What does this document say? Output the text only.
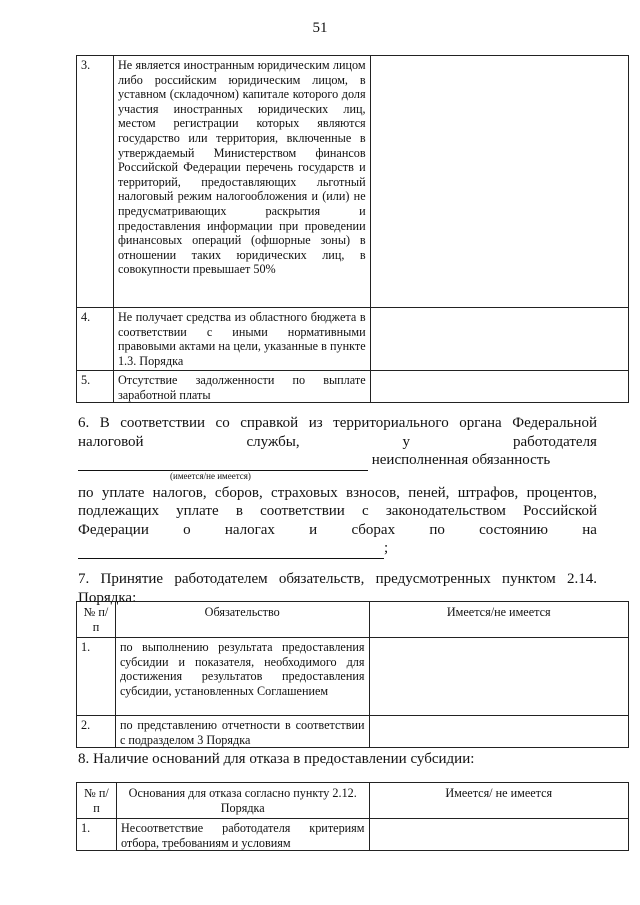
51
3.	Не является иностранным юридическим лицом либо российским юридическим лицом, в уставном (складочном) капитале которого доля участия иностранных юридических лиц, местом регистрации которых являются государство или территория, включенные в утверждаемый Министерством финансов Российской Федерации перечень государств и территорий, предоставляющих льготный налоговый режим налогообложения и (или) не предусматривающих раскрытия и предоставления информации при проведении финансовых операций (офшорные зоны) в отношении таких юридических лиц, в совокупности превышает 50%	

4.	Не получает средства из областного бюджета в соответствии с иными нормативными правовыми актами на цели, указанные в пункте 1.3. Порядка	

5.	Отсутствие задолженности по выплате заработной платы	

6. В соответствии со справкой из территориального органа Федеральной
налоговой	службы,	у	работодателя
неисполненная обязанность
(имеется/не имеется)
по уплате налогов, сборов, страховых взносов, пеней, штрафов, процентов,
подлежащих уплате в соответствии с законодательством Российской
Федерации о налогах и сборах по состоянию на
;
7. Принятие работодателем обязательств, предусмотренных пунктом 2.14.
Порядка:
№ п/п	Обязательство	Имеется/не имеется

1.	по выполнению результата предоставления субсидии и показателя, необходимого для достижения результатов предоставления субсидии, установленных Соглашением	

2.	по представлению отчетности в соответствии с подразделом 3 Порядка	

8. Наличие оснований для отказа в предоставлении субсидии:
№ п/п	Основания для отказа согласно пункту 2.12. Порядка	Имеется/ не имеется

1.	Несоответствие работодателя критериям отбора, требованиям и условиям	
